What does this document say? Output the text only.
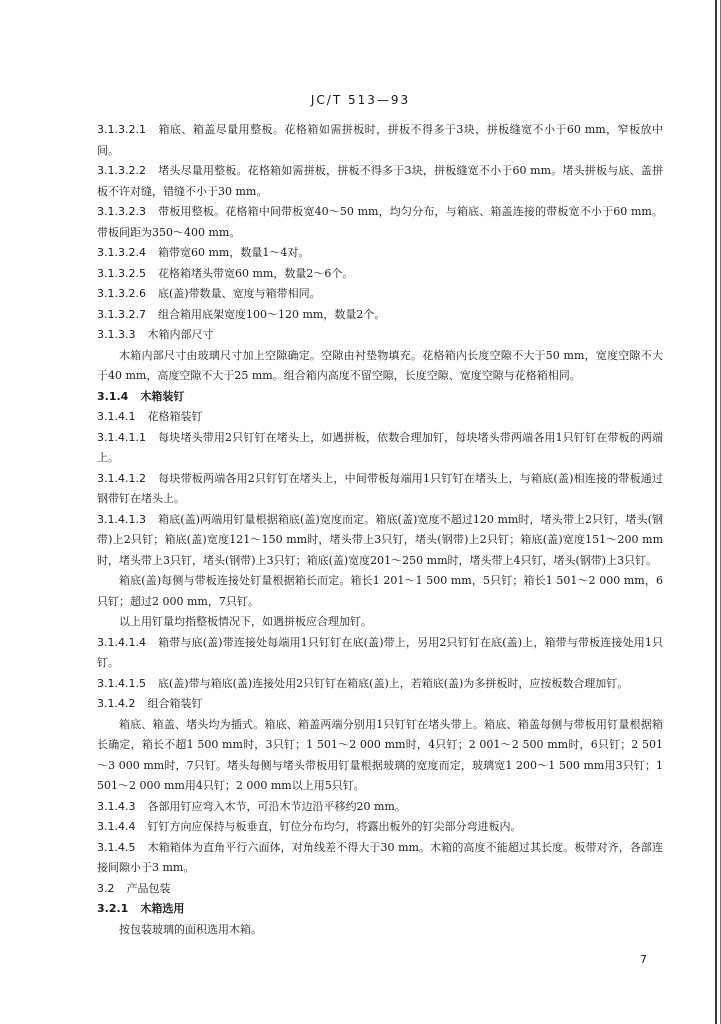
JC/T 513—93
3.1.3.2.1 箱底、箱盖尽量用整板。花格箱如需拼板时，拼板不得多于3块，拼板缝宽不小于60 mm，窄板放中间。
3.1.3.2.2 堵头尽量用整板。花格箱如需拼板，拼板不得多于3块，拼板缝宽不小于60 mm。堵头拼板与底、盖拼板不许对缝，错缝不小于30 mm。
3.1.3.2.3 带板用整板。花格箱中间带板宽40～50 mm，均匀分布，与箱底、箱盖连接的带板宽不小于60 mm。带板间距为350～400 mm。
3.1.3.2.4 箱带宽60 mm，数量1～4对。
3.1.3.2.5 花格箱堵头带宽60 mm，数量2～6个。
3.1.3.2.6 底(盖)带数量、宽度与箱带相同。
3.1.3.2.7 组合箱用底架宽度100～120 mm，数量2个。
3.1.3.3 木箱内部尺寸
木箱内部尺寸由玻璃尺寸加上空隙确定。空隙由衬垫物填充。花格箱内长度空隙不大于50 mm，宽度空隙不大于40 mm，高度空隙不大于25 mm。组合箱内高度不留空隙，长度空隙、宽度空隙与花格箱相同。
3.1.4 木箱装钉
3.1.4.1 花格箱装钉
3.1.4.1.1 每块堵头带用2只钉钉在堵头上，如遇拼板，依数合理加钉，每块堵头带两端各用1只钉钉在带板的两端上。
3.1.4.1.2 每块带板两端各用2只钉钉在堵头上，中间带板每端用1只钉钉在堵头上，与箱底(盖)相连接的带板通过钢带钉在堵头上。
3.1.4.1.3 箱底(盖)两端用钉量根据箱底(盖)宽度而定。箱底(盖)宽度不超过120 mm时，堵头带上2只钉，堵头(钢带)上2只钉；箱底(盖)宽度121～150 mm时，堵头带上3只钉，堵头(钢带)上2只钉；箱底(盖)宽度151～200 mm时，堵头带上3只钉，堵头(钢带)上3只钉；箱底(盖)宽度201～250 mm时，堵头带上4只钉，堵头(钢带)上3只钉。
箱底(盖)每侧与带板连接处钉量根据箱长而定。箱长1 201～1 500 mm，5只钉；箱长1 501～2 000 mm，6只钉；超过2 000 mm，7只钉。
以上用钉量均指整板情况下，如遇拼板应合理加钉。
3.1.4.1.4 箱带与底(盖)带连接处每端用1只钉钉在底(盖)带上，另用2只钉钉在底(盖)上，箱带与带板连接处用1只钉。
3.1.4.1.5 底(盖)带与箱底(盖)连接处用2只钉钉在箱底(盖)上，若箱底(盖)为多拼板时，应按板数合理加钉。
3.1.4.2 组合箱装钉
箱底、箱盖、堵头均为插式。箱底、箱盖两端分别用1只钉钉在堵头带上。箱底、箱盖每侧与带板用钉量根据箱长确定，箱长不超1 500 mm时，3只钉；1 501～2 000 mm时，4只钉；2 001～2 500 mm时，6只钉；2 501～3 000 mm时，7只钉。堵头每侧与堵头带板用钉量根据玻璃的宽度而定，玻璃宽1 200～1 500 mm用3只钉；1 501～2 000 mm用4只钉；2 000 mm以上用5只钉。
3.1.4.3 各部用钉应弯入木节，可沿木节边沿平移约20 mm。
3.1.4.4 钉钉方向应保持与板垂直，钉位分布均匀，将露出板外的钉尖部分弯进板内。
3.1.4.5 木箱箱体为直角平行六面体，对角线差不得大于30 mm。木箱的高度不能超过其长度。板带对齐，各部连接间隙小于3 mm。
3.2 产品包装
3.2.1 木箱选用
按包装玻璃的面积选用木箱。
7
